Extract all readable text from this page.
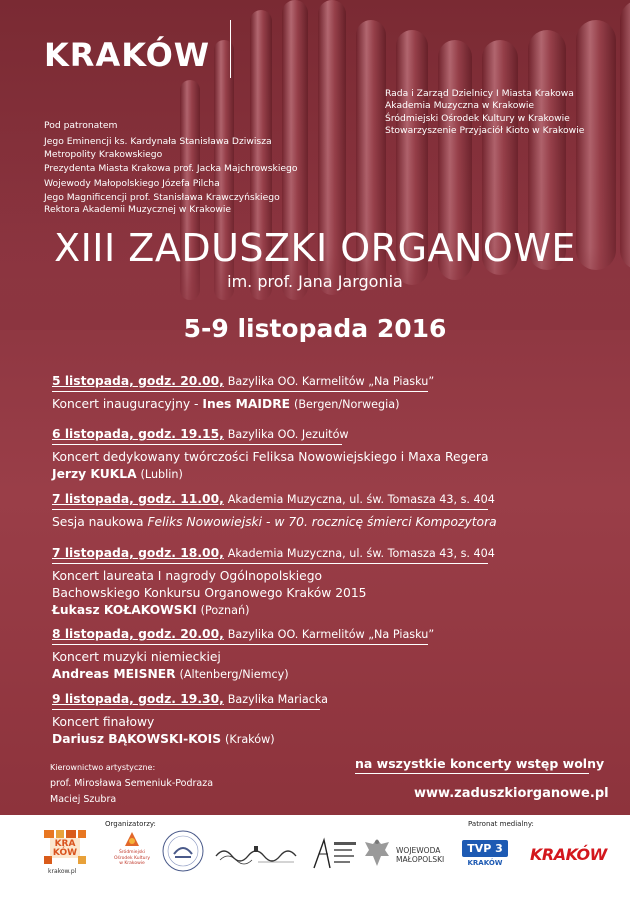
KRAKÓW
Rada i Zarząd Dzielnicy I Miasta Krakowa
Akademia Muzyczna w Krakowie
Śródmiejski Ośrodek Kultury w Krakowie
Stowarzyszenie Przyjaciół Kioto w Krakowie
Pod patronatem
Jego Eminencji ks. Kardynała Stanisława Dziwisza
Metropolity Krakowskiego
Prezydenta Miasta Krakowa prof. Jacka Majchrowskiego
Wojewody Małopolskiego Józefa Pilcha
Jego Magnificencji prof. Stanisława Krawczyńskiego
Rektora Akademii Muzycznej w Krakowie
XIII ZADUSZKI ORGANOWE
im. prof. Jana Jargonia
5-9 listopada 2016
5 listopada, godz. 20.00, Bazylika OO. Karmelitów „Na Piasku”
Koncert inauguracyjny - Ines MAIDRE (Bergen/Norwegia)
6 listopada, godz. 19.15, Bazylika OO. Jezuitów
Koncert dedykowany twórczości Feliksa Nowowiejskiego i Maxa Regera
Jerzy KUKLA (Lublin)
7 listopada, godz. 11.00, Akademia Muzyczna, ul. św. Tomasza 43, s. 404
Sesja naukowa Feliks Nowowiejski - w 70. rocznicę śmierci Kompozytora
7 listopada, godz. 18.00, Akademia Muzyczna, ul. św. Tomasza 43, s. 404
Koncert laureata I nagrody Ogólnopolskiego
Bachowskiego Konkursu Organowego Kraków 2015
Łukasz KOŁAKOWSKI (Poznań)
8 listopada, godz. 20.00, Bazylika OO. Karmelitów „Na Piasku”
Koncert muzyki niemieckiej
Andreas MEISNER (Altenberg/Niemcy)
9 listopada, godz. 19.30, Bazylika Mariacka
Koncert finałowy
Dariusz BĄKOWSKI-KOIS (Kraków)
Kierownictwo artystyczne:
prof. Mirosława Semeniuk-Podraza
Maciej Szubra
na wszystkie koncerty wstęp wolny
www.zaduszkiorganowe.pl
Organizatorzy:	Patronat medialny:
KRA KÓW
krakow.pl
Śródmiejski Ośrodek Kultury w Krakowie
WOJEWODA MAŁOPOLSKI
TVP 3
KRAKÓW	KRAKÓW
